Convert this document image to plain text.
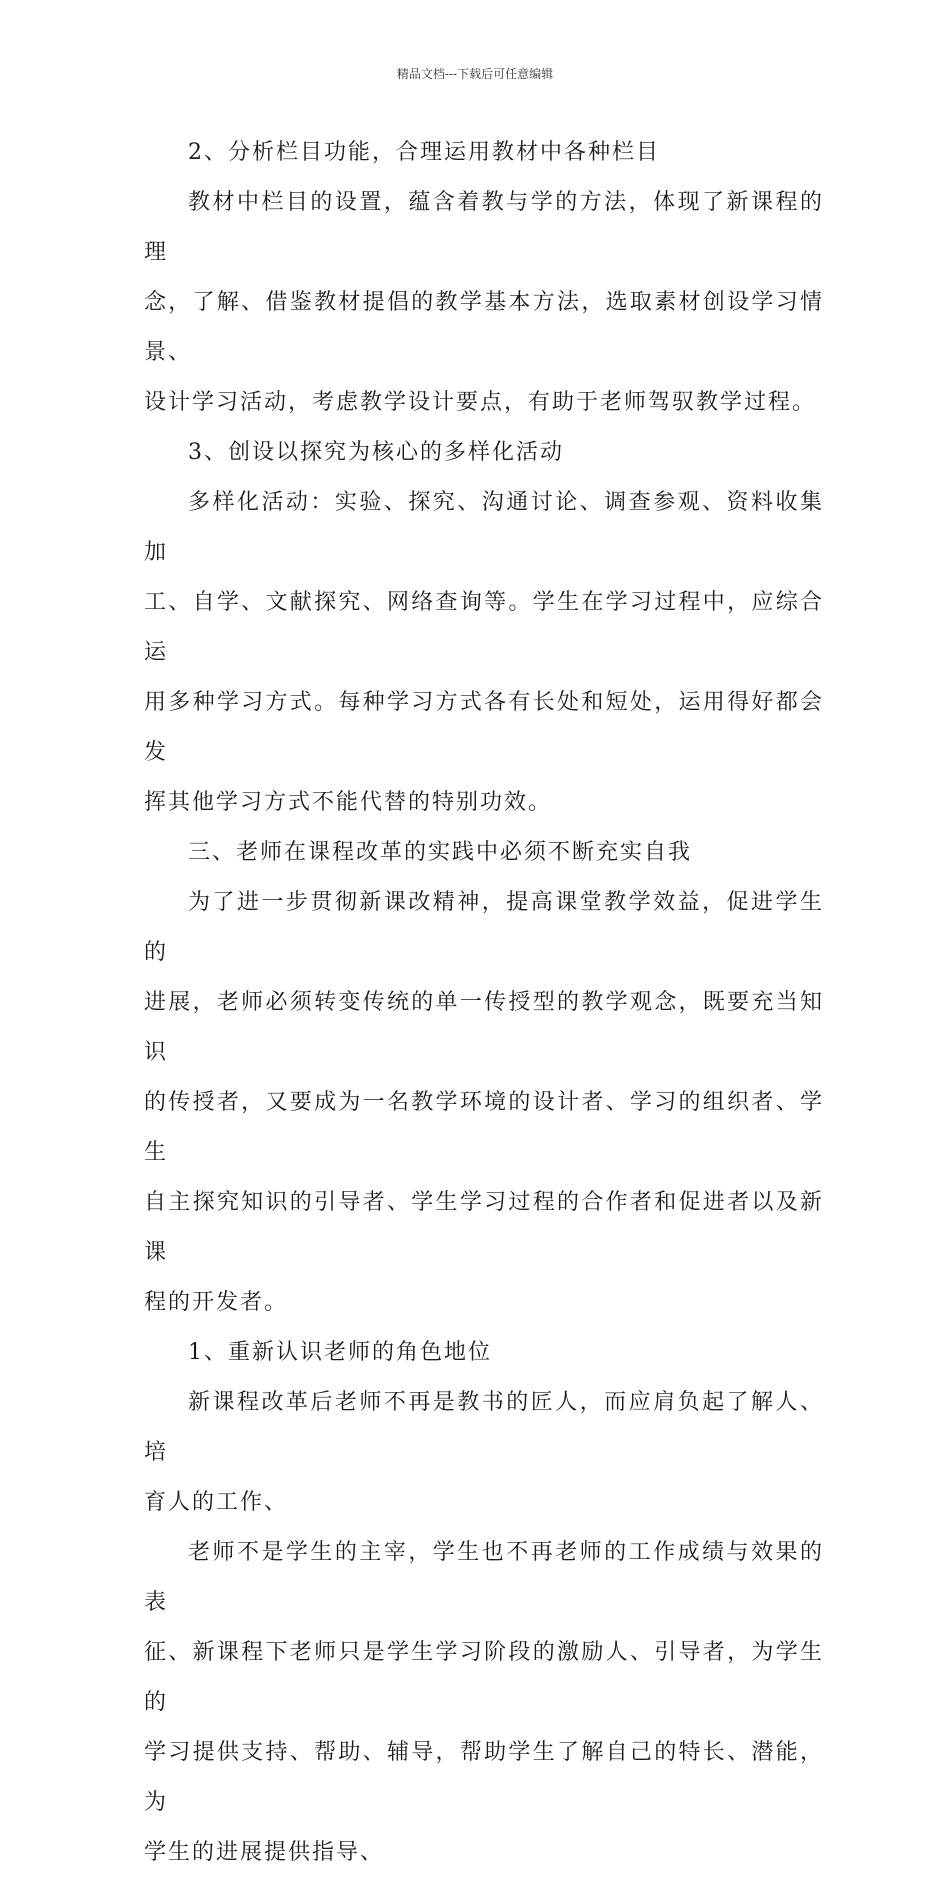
精品文档---下载后可任意编辑

2、分析栏目功能，合理运用教材中各种栏目

教材中栏目的设置，蕴含着教与学的方法，体现了新课程的理
念，了解、借鉴教材提倡的教学基本方法，选取素材创设学习情景、
设计学习活动，考虑教学设计要点，有助于老师驾驭教学过程。

3、创设以探究为核心的多样化活动

多样化活动：实验、探究、沟通讨论、调查参观、资料收集加
工、自学、文献探究、网络查询等。学生在学习过程中，应综合运
用多种学习方式。每种学习方式各有长处和短处，运用得好都会发
挥其他学习方式不能代替的特别功效。

三、老师在课程改革的实践中必须不断充实自我

为了进一步贯彻新课改精神，提高课堂教学效益，促进学生的
进展，老师必须转变传统的单一传授型的教学观念，既要充当知识
的传授者，又要成为一名教学环境的设计者、学习的组织者、学生
自主探究知识的引导者、学生学习过程的合作者和促进者以及新课
程的开发者。

1、重新认识老师的角色地位

新课程改革后老师不再是教书的匠人，而应肩负起了解人、培
育人的工作、

老师不是学生的主宰，学生也不再老师的工作成绩与效果的表
征、新课程下老师只是学生学习阶段的激励人、引导者，为学生的
学习提供支持、帮助、辅导，帮助学生了解自己的特长、潜能，为
学生的进展提供指导、
